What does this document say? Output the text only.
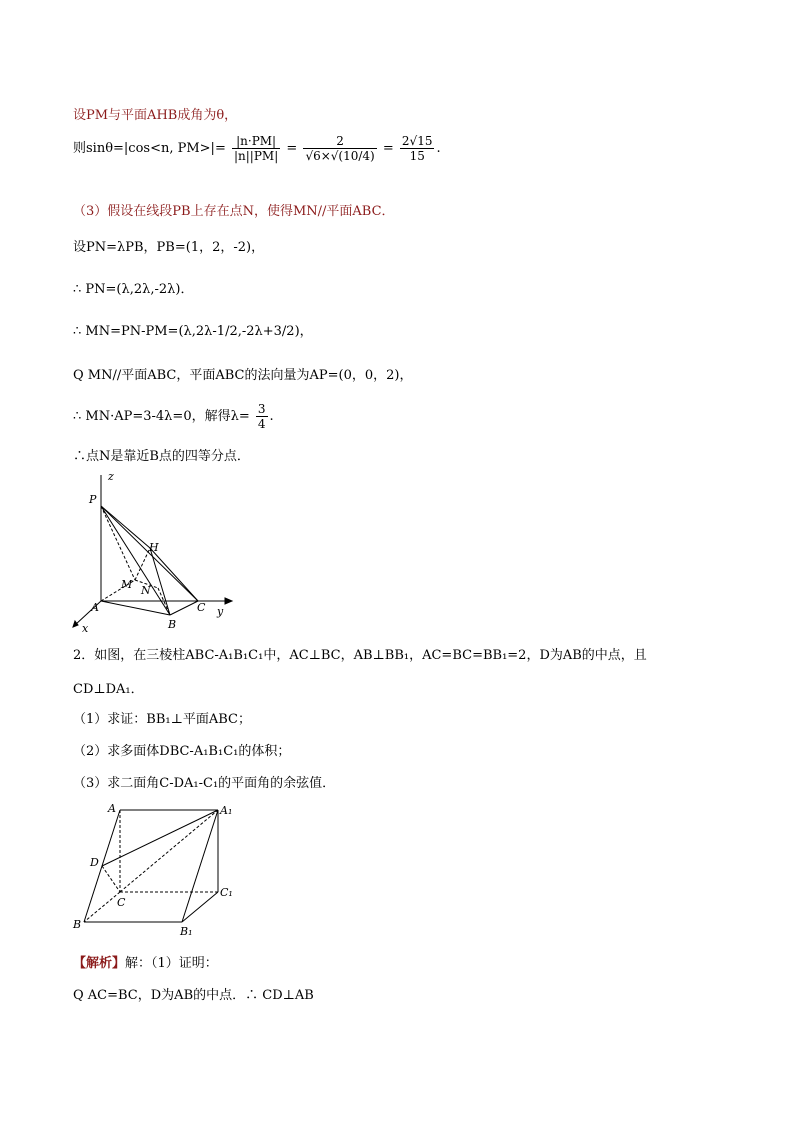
设PM与平面AHB成角为θ，
则sinθ=|cos<n, $PM>|= \frac{|n\cdot PM|}{|n||PM|} = \frac{2}{√6\times√(10/4)} = \frac{2√15}{15}$ .
（3）假设在线段PB上存在点N，使得MN//平面ABC．
设PN=λPB，PB=(1，2，-2)，
∴ PN=(λ,2λ,-2λ)．
∴ MN=PN-PM=(λ,2λ-1/2,-2λ+3/2)，
Q MN//平面ABC，平面ABC的法向量为AP=(0，0，2)，
∴ MN·AP=3-4λ=0，解得$\lambda= \frac{3}{4}$ .
∴点N是靠近B点的四等分点．
z
P
H
M N
A
B
C y
x
2．如图，在三棱柱ABC-A₁B₁C₁中，AC⊥BC，AB⊥BB₁，AC=BC=BB₁=2，D为AB的中点，且
CD⊥DA₁．
（1）求证：BB₁⊥平面ABC；
（2）求多面体DBC-A₁B₁C₁的体积；
（3）求二面角C-DA₁-C₁的平面角的余弦值．
A	A₁
D
C
C₁
B
B₁
【解析】解：（1）证明：
Q AC=BC，D为AB的中点．∴ CD⊥AB
